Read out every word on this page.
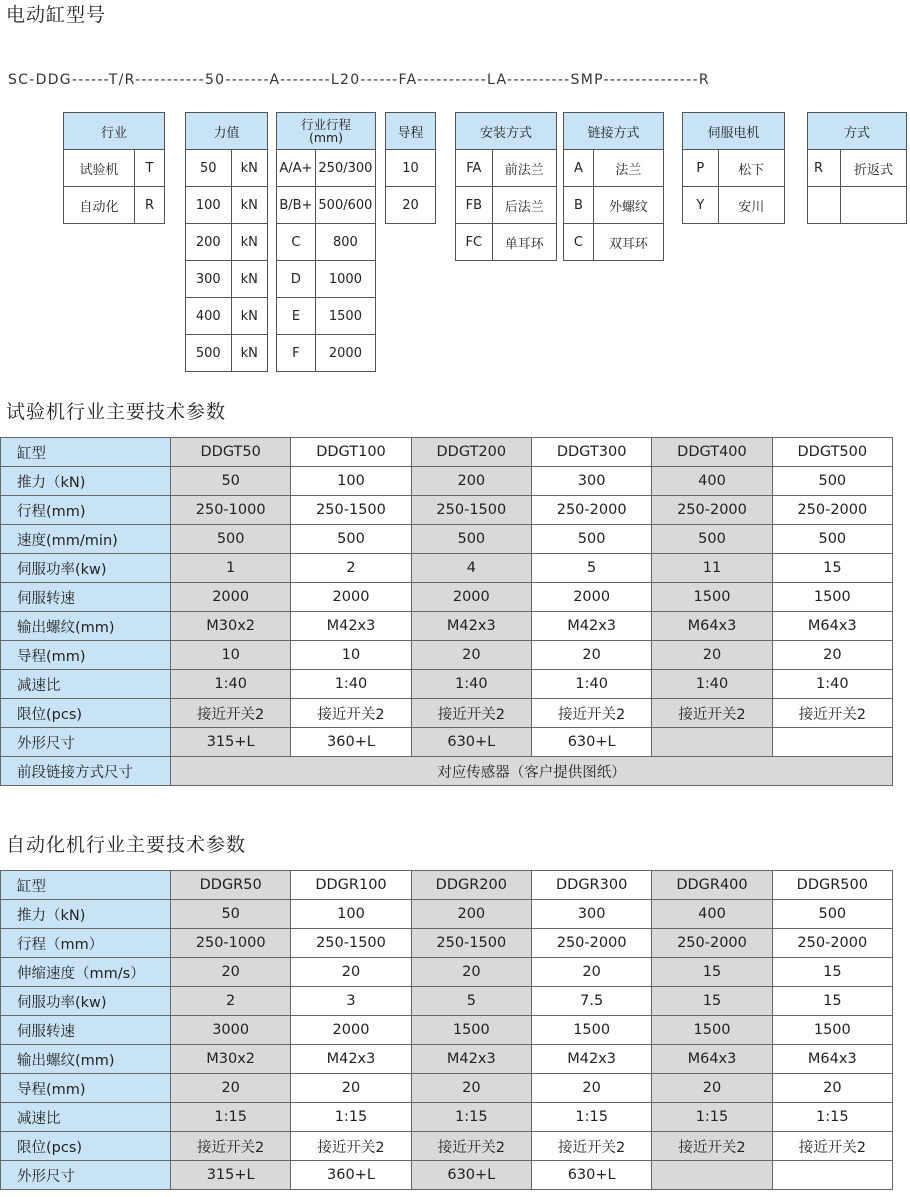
电动缸型号
SC-DDG------T/R-----------50-------A--------L20------FA-----------LA----------SMP---------------R
行业	
试验机	T
自动化	R
力值	
50	kN
100	kN
200	kN
300	kN
400	kN
500	kN
行业行程
(mm)	
A/A+	250/300
B/B+	500/600
C	800
D	1000
E	1500
F	2000
导程
10
20
安装方式	
FA	前法兰
FB	后法兰
FC	单耳环
链接方式	
A	法兰
B	外螺纹
C	双耳环
伺服电机	
P	松下
Y	安川
方式	
R	折返式

试验机行业主要技术参数
缸型	DDGT50	DDGT100	DDGT200	DDGT300	DDGT400	DDGT500
推力（kN)	50	100	200	300	400	500
行程(mm)	250-1000	250-1500	250-1500	250-2000	250-2000	250-2000
速度(mm/min)	500	500	500	500	500	500
伺服功率(kw)	1	2	4	5	11	15
伺服转速	2000	2000	2000	2000	1500	1500
输出螺纹(mm)	M30x2	M42x3	M42x3	M42x3	M64x3	M64x3
导程(mm)	10	10	20	20	20	20
减速比	1:40	1:40	1:40	1:40	1:40	1:40
限位(pcs)	接近开关2	接近开关2	接近开关2	接近开关2	接近开关2	接近开关2
外形尺寸	315+L	360+L	630+L	630+L		
前段链接方式尺寸	对应传感器（客户提供图纸）					
自动化机行业主要技术参数
缸型	DDGR50	DDGR100	DDGR200	DDGR300	DDGR400	DDGR500
推力（kN)	50	100	200	300	400	500
行程（mm）	250-1000	250-1500	250-1500	250-2000	250-2000	250-2000
伸缩速度（mm/s）	20	20	20	20	15	15
伺服功率(kw)	2	3	5	7.5	15	15
伺服转速	3000	2000	1500	1500	1500	1500
输出螺纹(mm)	M30x2	M42x3	M42x3	M42x3	M64x3	M64x3
导程(mm)	20	20	20	20	20	20
减速比	1:15	1:15	1:15	1:15	1:15	1:15
限位(pcs)	接近开关2	接近开关2	接近开关2	接近开关2	接近开关2	接近开关2
外形尺寸	315+L	360+L	630+L	630+L		
